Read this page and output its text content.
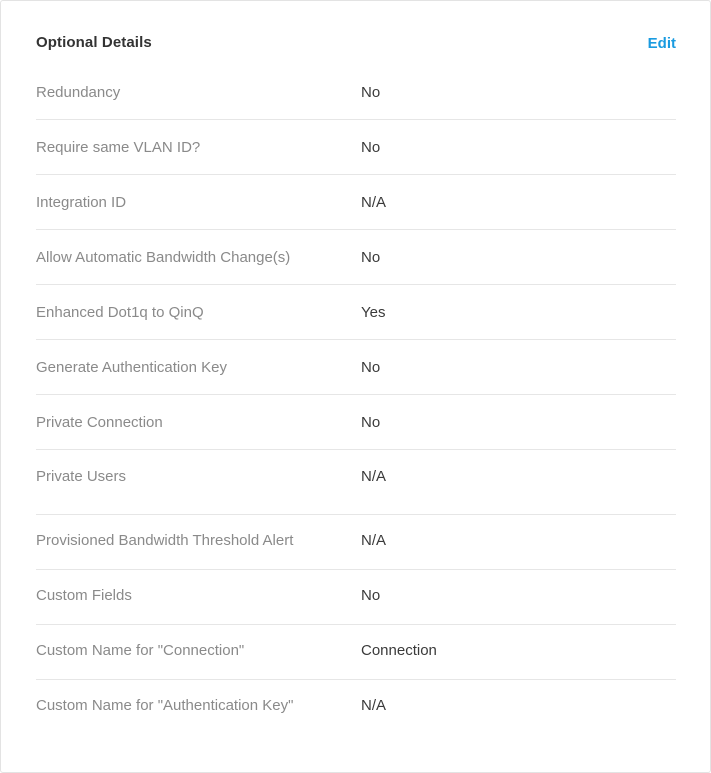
Optional Details	Edit
Redundancy	No
Require same VLAN ID?	No
Integration ID	N/A
Allow Automatic Bandwidth Change(s)	No
Enhanced Dot1q to QinQ	Yes
Generate Authentication Key	No
Private Connection	No
Private Users	N/A
Provisioned Bandwidth Threshold Alert	N/A
Custom Fields	No
Custom Name for "Connection"	Connection
Custom Name for "Authentication Key"	N/A
